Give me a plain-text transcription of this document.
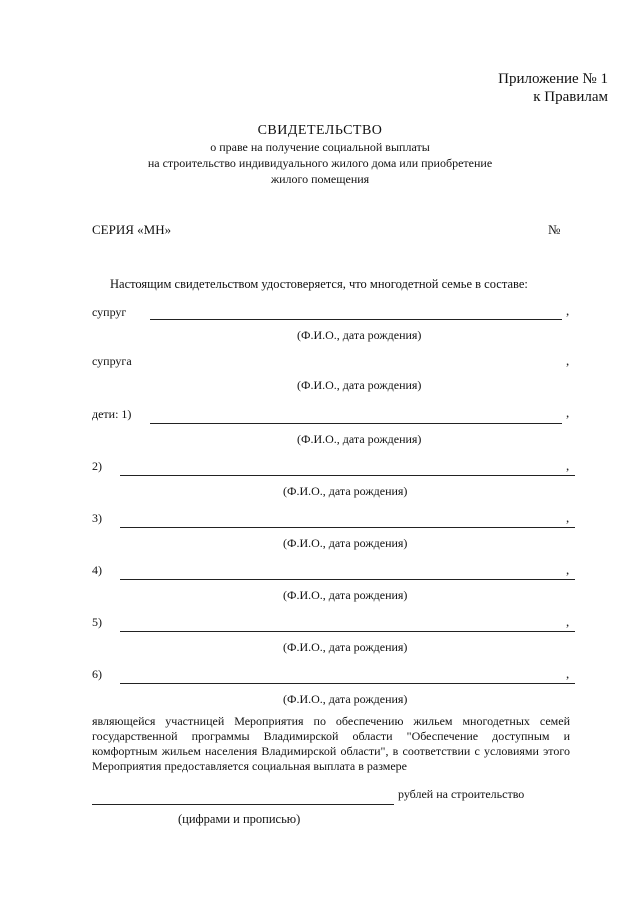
Приложение № 1
к Правилам
СВИДЕТЕЛЬСТВО
о праве на получение социальной выплаты
на строительство индивидуального жилого дома или приобретение
жилого помещения
СЕРИЯ «МН»	№
Настоящим свидетельством удостоверяется, что многодетной семье в составе:
супруг	,
(Ф.И.О., дата рождения)
супруга	,
(Ф.И.О., дата рождения)
дети: 1)	,
(Ф.И.О., дата рождения)
2)	,
(Ф.И.О., дата рождения)
3)	,
(Ф.И.О., дата рождения)
4)	,
(Ф.И.О., дата рождения)
5)	,
(Ф.И.О., дата рождения)
6)	,
(Ф.И.О., дата рождения)
являющейся участницей Мероприятия по обеспечению жильем многодетных семей государственной программы Владимирской области "Обеспечение доступным и комфортным жильем населения Владимирской области", в соответствии с условиями этого Мероприятия предоставляется социальная выплата в размере
рублей на строительство
(цифрами и прописью)
